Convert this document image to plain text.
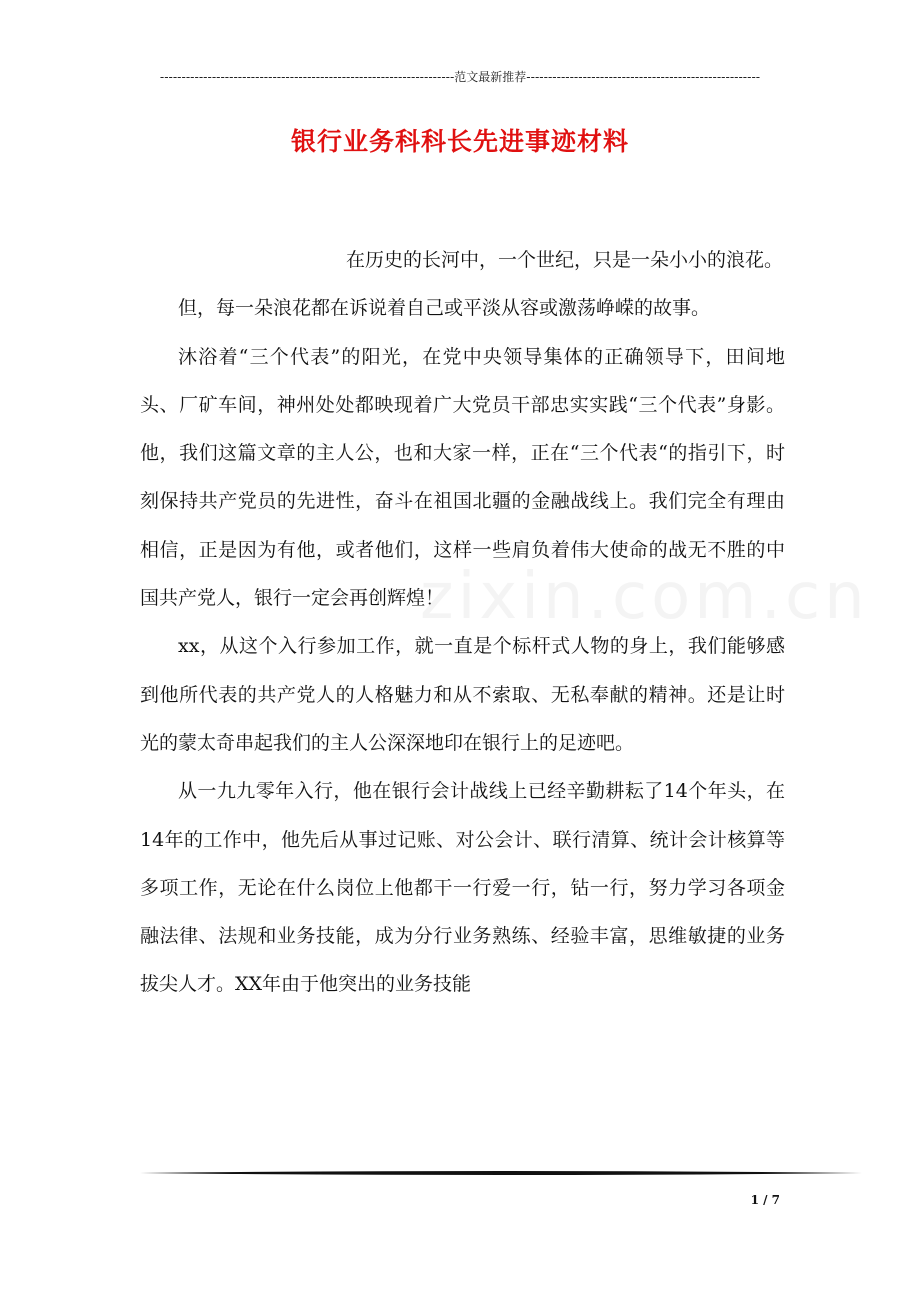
--------------------------------------------------------------------范文最新推荐------------------------------------------------------
银行业务科科长先进事迹材料
zixin.com.cn

在历史的长河中，一个世纪，只是一朵小小的浪花。

但，每一朵浪花都在诉说着自己或平淡从容或激荡峥嵘的故事。

沐浴着“三个代表”的阳光，在党中央领导集体的正确领导下，田间地头、厂矿车间，神州处处都映现着广大党员干部忠实实践“三个代表”身影。他，我们这篇文章的主人公，也和大家一样，正在“三个代表“的指引下，时刻保持共产党员的先进性，奋斗在祖国北疆的金融战线上。我们完全有理由相信，正是因为有他，或者他们，这样一些肩负着伟大使命的战无不胜的中国共产党人，银行一定会再创辉煌！

xx，从这个入行参加工作，就一直是个标杆式人物的身上，我们能够感到他所代表的共产党人的人格魅力和从不索取、无私奉献的精神。还是让时光的蒙太奇串起我们的主人公深深地印在银行上的足迹吧。

从一九九零年入行，他在银行会计战线上已经辛勤耕耘了14个年头，在14年的工作中，他先后从事过记账、对公会计、联行清算、统计会计核算等多项工作，无论在什么岗位上他都干一行爱一行，钻一行，努力学习各项金融法律、法规和业务技能，成为分行业务熟练、经验丰富，思维敏捷的业务拔尖人才。XX年由于他突出的业务技能

1 / 7
